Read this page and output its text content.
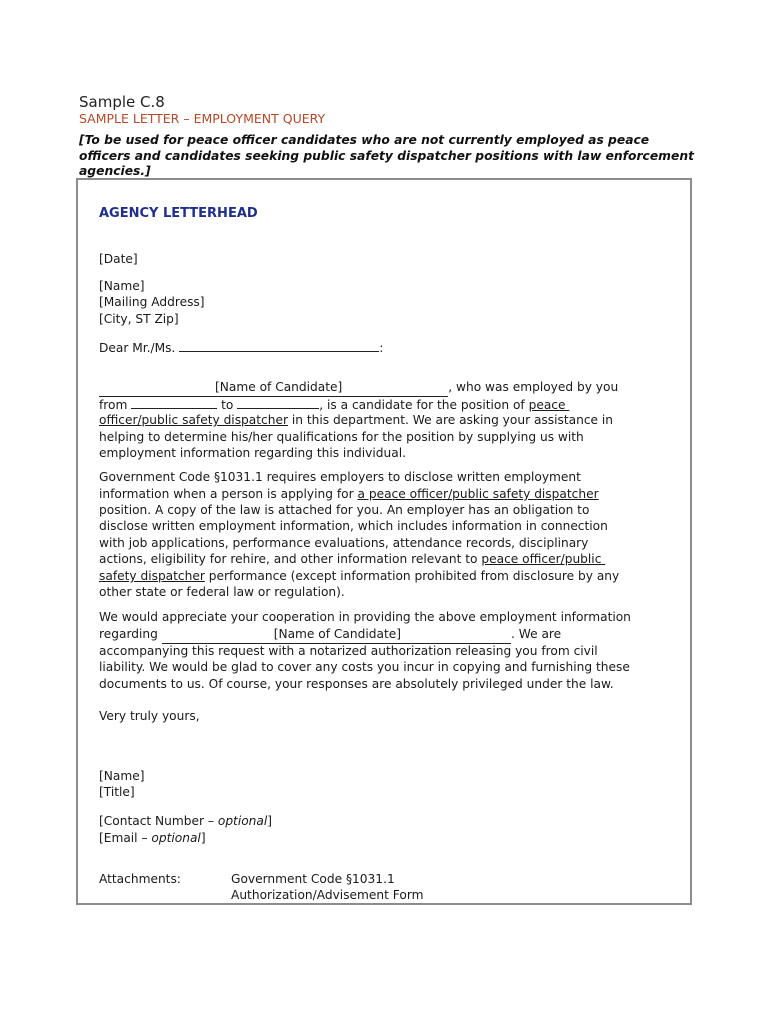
Sample C.8
SAMPLE LETTER – EMPLOYMENT QUERY
[To be used for peace officer candidates who are not currently employed as peace officers and candidates seeking public safety dispatcher positions with law enforcement agencies.]
AGENCY LETTERHEAD
[Date]
[Name]
[Mailing Address]
[City, ST Zip]
Dear Mr./Ms.	:
[Name of Candidate]	, who was employed by you
from	to	, is a candidate for the position of peace
officer/public safety dispatcher in this department. We are asking your assistance in
helping to determine his/her qualifications for the position by supplying us with
employment information regarding this individual.
Government Code §1031.1 requires employers to disclose written employment
information when a person is applying for a peace officer/public safety dispatcher
position. A copy of the law is attached for you. An employer has an obligation to
disclose written employment information, which includes information in connection
with job applications, performance evaluations, attendance records, disciplinary
actions, eligibility for rehire, and other information relevant to peace officer/public
safety dispatcher performance (except information prohibited from disclosure by any
other state or federal law or regulation).
We would appreciate your cooperation in providing the above employment information
regarding	[Name of Candidate]	. We are
accompanying this request with a notarized authorization releasing you from civil
liability. We would be glad to cover any costs you incur in copying and furnishing these
documents to us. Of course, your responses are absolutely privileged under the law.
Very truly yours,
[Name]
[Title]
[Contact Number – optional]
[Email – optional]
Attachments:	Government Code §1031.1
Authorization/Advisement Form
